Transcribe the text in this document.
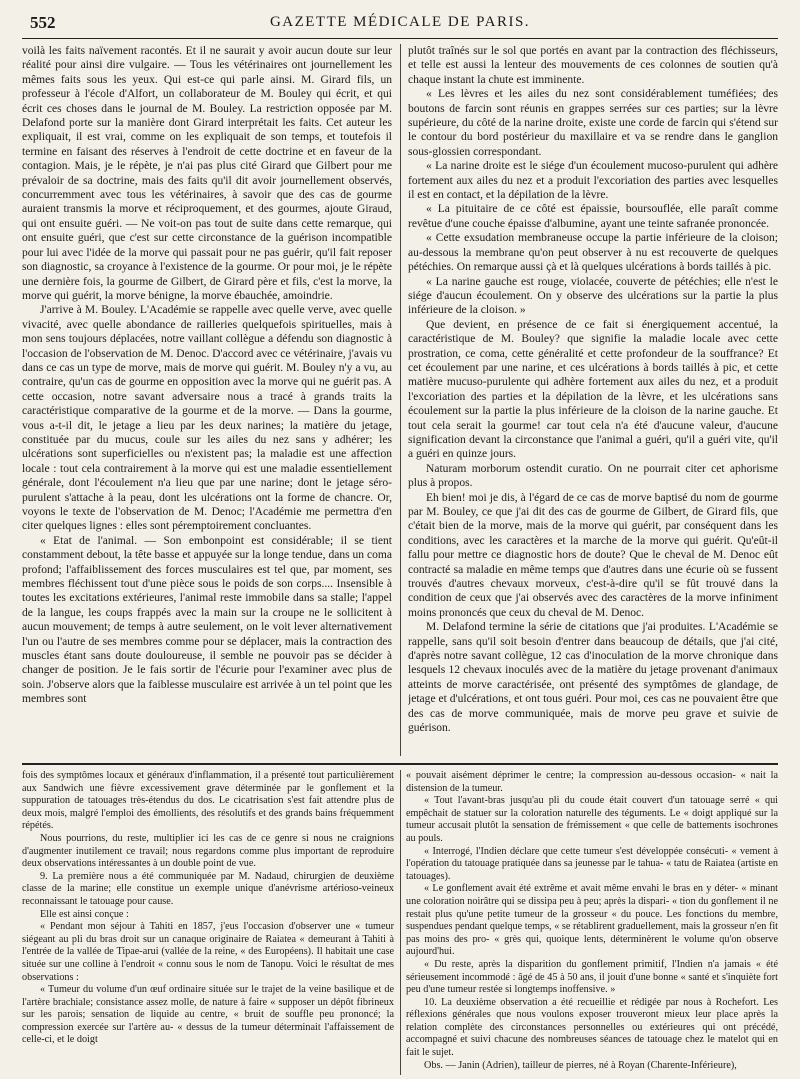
552	GAZETTE MÉDICALE DE PARIS.

voilà les faits naïvement racontés. Et il ne saurait y avoir aucun doute sur leur réalité pour ainsi dire vulgaire. — Tous les vétérinaires ont journellement les mêmes faits sous les yeux. Qui est-ce qui parle ainsi. M. Girard fils, un professeur à l'école d'Alfort, un collaborateur de M. Bouley qui écrit, et qui écrit ces choses dans le journal de M. Bouley. La restriction opposée par M. Delafond porte sur la manière dont Girard interprétait les faits. Cet auteur les expliquait, il est vrai, comme on les expliquait de son temps, et toutefois il termine en faisant des réserves à l'endroit de cette doctrine et en faveur de la contagion. Mais, je le répète, je n'ai pas plus cité Girard que Gilbert pour me prévaloir de sa doctrine, mais des faits qu'il dit avoir journellement observés, concurremment avec tous les vétérinaires, à savoir que des cas de gourme auraient transmis la morve et réciproquement, et des gourmes, ajoute Giraud, qui ont ensuite guéri. — Ne voit-on pas tout de suite dans cette remarque, qui ont ensuite guéri, que c'est sur cette circonstance de la guérison incompatible pour lui avec l'idée de la morve qui passait pour ne pas guérir, qu'il fait reposer son diagnostic, sa croyance à l'existence de la gourme. Or pour moi, je le répète une dernière fois, la gourme de Gilbert, de Girard père et fils, c'est la morve, la morve qui guérit, la morve bénigne, la morve ébauchée, amoindrie.

J'arrive à M. Bouley. L'Académie se rappelle avec quelle verve, avec quelle vivacité, avec quelle abondance de railleries quelquefois spirituelles, mais à mon sens toujours déplacées, notre vaillant collègue a défendu son diagnostic à l'occasion de l'observation de M. Denoc. D'accord avec ce vétérinaire, j'avais vu dans ce cas un type de morve, mais de morve qui guérit. M. Bouley n'y a vu, au contraire, qu'un cas de gourme en opposition avec la morve qui ne guérit pas. A cette occasion, notre savant adversaire nous a tracé à grands traits la caractéristique comparative de la gourme et de la morve. — Dans la gourme, vous a-t-il dit, le jetage a lieu par les deux narines; la matière du jetage, constituée par du mucus, coule sur les ailes du nez sans y adhérer; les ulcérations sont superficielles ou n'existent pas; la maladie est une affection locale : tout cela contrairement à la morve qui est une maladie essentiellement générale, dont l'écoulement n'a lieu que par une narine; dont le jetage séro-purulent s'attache à la peau, dont les ulcérations ont la forme de chancre. Or, voyons le texte de l'observation de M. Denoc; l'Académie me permettra d'en citer quelques lignes : elles sont péremptoirement concluantes.

« Etat de l'animal. — Son embonpoint est considérable; il se tient constamment debout, la tête basse et appuyée sur la longe tendue, dans un coma profond; l'affaiblissement des forces musculaires est tel que, par moment, ses membres fléchissent tout d'une pièce sous le poids de son corps.... Insensible à toutes les excitations extérieures, l'animal reste immobile dans sa stalle; l'appel de la langue, les coups frappés avec la main sur la croupe ne le sollicitent à aucun mouvement; de temps à autre seulement, on le voit lever alternativement l'un ou l'autre de ses membres comme pour se déplacer, mais la contraction des muscles étant sans doute douloureuse, il semble ne pouvoir pas se décider à changer de position. Je le fais sortir de l'écurie pour l'examiner avec plus de soin. J'observe alors que la faiblesse musculaire est arrivée à un tel point que les membres sont

plutôt traînés sur le sol que portés en avant par la contraction des fléchisseurs, et telle est aussi la lenteur des mouvements de ces colonnes de soutien qu'à chaque instant la chute est imminente.

« Les lèvres et les ailes du nez sont considérablement tuméfiées; des boutons de farcin sont réunis en grappes serrées sur ces parties; sur la lèvre supérieure, du côté de la narine droite, existe une corde de farcin qui s'étend sur le contour du bord postérieur du maxillaire et va se rendre dans le ganglion sous-glossien correspondant.

« La narine droite est le siége d'un écoulement mucoso-purulent qui adhère fortement aux ailes du nez et a produit l'excoriation des parties avec lesquelles il est en contact, et la dépilation de la lèvre.

« La pituitaire de ce côté est épaissie, boursouflée, elle paraît comme revêtue d'une couche épaisse d'albumine, ayant une teinte safranée prononcée.

« Cette exsudation membraneuse occupe la partie inférieure de la cloison; au-dessous la membrane qu'on peut observer à nu est recouverte de quelques pétéchies. On remarque aussi çà et là quelques ulcérations à bords taillés à pic.

« La narine gauche est rouge, violacée, couverte de pétéchies; elle n'est le siége d'aucun écoulement. On y observe des ulcérations sur la partie la plus inférieure de la cloison. »

Que devient, en présence de ce fait si énergiquement accentué, la caractéristique de M. Bouley? que signifie la maladie locale avec cette prostration, ce coma, cette généralité et cette profondeur de la souffrance? Et cet écoulement par une narine, et ces ulcérations à bords taillés à pic, et cette matière mucuso-purulente qui adhère fortement aux ailes du nez, et a produit l'excoriation des parties et la dépilation de la lèvre, et les ulcérations sans écoulement sur la partie la plus inférieure de la cloison de la narine gauche. Et tout cela serait la gourme! car tout cela n'a été d'aucune valeur, d'aucune signification devant la circonstance que l'animal a guéri, qu'il a guéri vite, qu'il a guéri en quinze jours.

Naturam morborum ostendit curatio. On ne pourrait citer cet aphorisme plus à propos.

Eh bien! moi je dis, à l'égard de ce cas de morve baptisé du nom de gourme par M. Bouley, ce que j'ai dit des cas de gourme de Gilbert, de Girard fils, que c'était bien de la morve, mais de la morve qui guérit, par conséquent dans les conditions, avec les caractères et la marche de la morve qui guérit. Qu'eût-il fallu pour mettre ce diagnostic hors de doute? Que le cheval de M. Denoc eût contracté sa maladie en même temps que d'autres dans une écurie où se fussent trouvés d'autres chevaux morveux, c'est-à-dire qu'il se fût trouvé dans la condition de ceux que j'ai observés avec des caractères de la morve infiniment moins prononcés que ceux du cheval de M. Denoc.

M. Delafond termine la série de citations que j'ai produites. L'Académie se rappelle, sans qu'il soit besoin d'entrer dans beaucoup de détails, que j'ai cité, d'après notre savant collègue, 12 cas d'inoculation de la morve chronique dans lesquels 12 chevaux inoculés avec de la matière du jetage provenant d'animaux atteints de morve caractérisée, ont présenté des symptômes de glandage, de jetage et d'ulcérations, et ont tous guéri. Pour moi, ces cas ne pouvaient être que des cas de morve communiquée, mais de morve peu grave et suivie de guérison.

fois des symptômes locaux et généraux d'inflammation, il a présenté tout particulièrement aux Sandwich une fièvre excessivement grave déterminée par le gonflement et la suppuration de tatouages très-étendus du dos. Le cicatrisation s'est fait attendre plus de deux mois, malgré l'emploi des émollients, des résolutifs et des grands bains fréquemment répétés.

Nous pourrions, du reste, multiplier ici les cas de ce genre si nous ne craignions d'augmenter inutilement ce travail; nous regardons comme plus important de reproduire deux observations intéressantes à un double point de vue.

9. La première nous a été communiquée par M. Nadaud, chirurgien de deuxième classe de la marine; elle constitue un exemple unique d'anévrisme artérioso-veineux reconnaissant le tatouage pour cause.

Elle est ainsi conçue :

« Pendant mon séjour à Tahiti en 1857, j'eus l'occasion d'observer une « tumeur siégeant au pli du bras droit sur un canaque originaire de Raiatea « demeurant à Tahiti à l'entrée de la vallée de Tipae-arui (vallée de la reine, « des Européens). Il habitait une case située sur une colline à l'endroit « connu sous le nom de Tanopu. Voici le résultat de mes observations :

« Tumeur du volume d'un œuf ordinaire située sur le trajet de la veine basilique et de l'artère brachiale; consistance assez molle, de nature à faire « supposer un dépôt fibrineux sur les parois; sensation de liquide au centre, « bruit de souffle peu prononcé; la compression exercée sur l'artère au- « dessus de la tumeur déterminait l'affaissement de celle-ci, et le doigt

« pouvait aisément déprimer le centre; la compression au-dessous occasion- « nait la distension de la tumeur.

« Tout l'avant-bras jusqu'au pli du coude était couvert d'un tatouage serré « qui empêchait de statuer sur la coloration naturelle des téguments. Le « doigt appliqué sur la tumeur accusait plutôt la sensation de frémissement « que celle de battements isochrones au pouls.

« Interrogé, l'Indien déclare que cette tumeur s'est développée consécuti- « vement à l'opération du tatouage pratiquée dans sa jeunesse par le tahua- « tatu de Raiatea (artiste en tatouages).

« Le gonflement avait été extrême et avait même envahi le bras en y déter- « minant une coloration noirâtre qui se dissipa peu à peu; après la dispari- « tion du gonflement il ne restait plus qu'une petite tumeur de la grosseur « du pouce. Les fonctions du membre, suspendues pendant quelque temps, « se rétablirent graduellement, mais la grosseur n'en fit pas moins des pro- « grès qui, quoique lents, déterminèrent le volume qu'on observe aujourd'hui.

« Du reste, après la disparition du gonflement primitif, l'Indien n'a jamais « été sérieusement incommodé : âgé de 45 à 50 ans, il jouit d'une bonne « santé et s'inquiète fort peu d'une tumeur restée si longtemps inoffensive. »

10. La deuxième observation a été recueillie et rédigée par nous à Rochefort. Les réflexions générales que nous voulons exposer trouveront mieux leur place après la relation complète des circonstances personnelles ou extérieures qui ont précédé, accompagné et suivi chacune des nombreuses séances de tatouage chez le matelot qui en fait le sujet.

Obs. — Janin (Adrien), tailleur de pierres, né à Royan (Charente-Inférieure),
